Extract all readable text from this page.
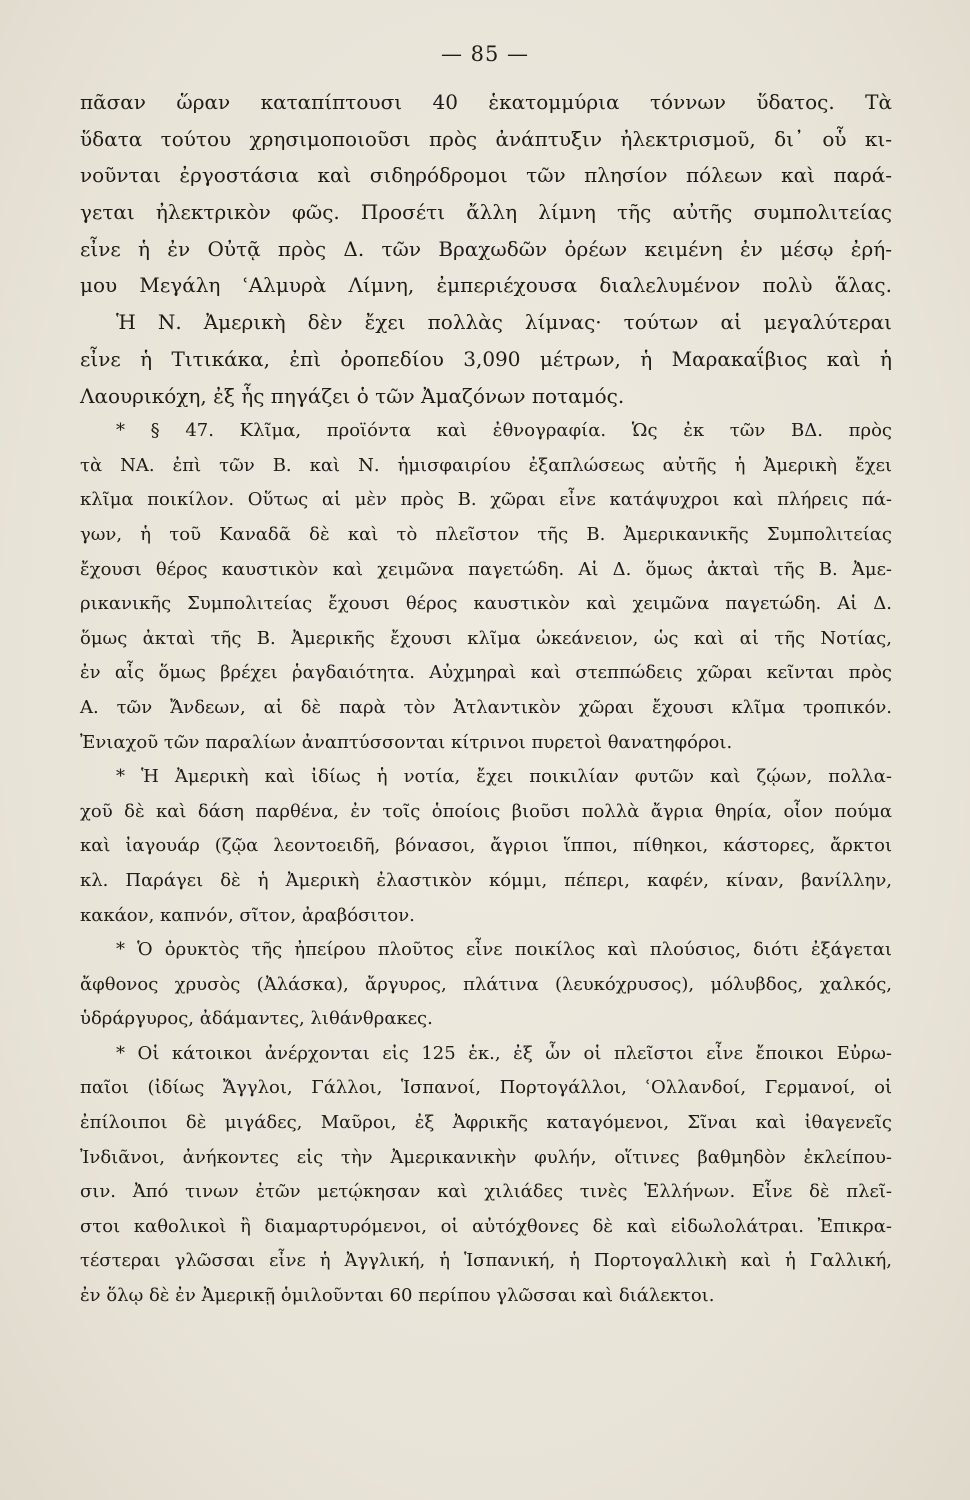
— 85 —
πᾶσαν ὥραν καταπίπτουσι 40 ἑκατομμύρια τόννων ὕδατος. Τὰ
ὕδατα τούτου χρησιμοποιοῦσι πρὸς ἀνάπτυξιν ἠλεκτρισμοῦ, δι᾿ οὗ κι-
νοῦνται ἐργοστάσια καὶ σιδηρόδρομοι τῶν πλησίον πόλεων καὶ παρά-
γεται ἠλεκτρικὸν φῶς. Προσέτι ἄλλη λίμνη τῆς αὐτῆς συμπολιτείας
εἶνε ἡ ἐν Οὐτᾷ πρὸς Δ. τῶν Βραχωδῶν ὀρέων κειμένη ἐν μέσῳ ἐρή-
μου Μεγάλη ʿΑλμυρὰ Λίμνη, ἐμπεριέχουσα διαλελυμένον πολὺ ἅλας.
Ἡ Ν. Ἀμερικὴ δὲν ἔχει πολλὰς λίμνας· τούτων αἱ μεγαλύτεραι
εἶνε ἡ Τιτικάκα, ἐπὶ ὀροπεδίου 3,090 μέτρων, ἡ Μαρακαΐβιος καὶ ἡ
Λαουρικόχη, ἐξ ἧς πηγάζει ὁ τῶν Ἀμαζόνων ποταμός.
* § 47. Κλῖμα, προϊόντα καὶ ἐθνογραφία. Ὡς ἐκ τῶν ΒΔ. πρὸς
τὰ ΝΑ. ἐπὶ τῶν Β. καὶ Ν. ἡμισφαιρίου ἐξαπλώσεως αὐτῆς ἡ Ἀμερικὴ ἔχει
κλῖμα ποικίλον. Οὕτως αἱ μὲν πρὸς Β. χῶραι εἶνε κατάψυχροι καὶ πλήρεις πά-
γων, ἡ τοῦ Καναδᾶ δὲ καὶ τὸ πλεῖστον τῆς Β. Ἀμερικανικῆς Συμπολιτείας
ἔχουσι θέρος καυστικὸν καὶ χειμῶνα παγετώδη. Αἱ Δ. ὅμως ἀκταὶ τῆς Β. Ἀμε-
ρικανικῆς Συμπολιτείας ἔχουσι θέρος καυστικὸν καὶ χειμῶνα παγετώδη. Αἱ Δ.
ὅμως ἀκταὶ τῆς Β. Ἀμερικῆς ἔχουσι κλῖμα ὠκεάνειον, ὡς καὶ αἱ τῆς Νοτίας,
ἐν αἷς ὅμως βρέχει ῥαγδαιότητα. Αὐχμηραὶ καὶ στεππώδεις χῶραι κεῖνται πρὸς
Α. τῶν Ἄνδεων, αἱ δὲ παρὰ τὸν Ἀτλαντικὸν χῶραι ἔχουσι κλῖμα τροπικόν.
Ἐνιαχοῦ τῶν παραλίων ἀναπτύσσονται κίτρινοι πυρετοὶ θανατηφόροι.
* Ἡ Ἀμερικὴ καὶ ἰδίως ἡ νοτία, ἔχει ποικιλίαν φυτῶν καὶ ζῴων, πολλα-
χοῦ δὲ καὶ δάση παρθένα, ἐν τοῖς ὁποίοις βιοῦσι πολλὰ ἄγρια θηρία, οἷον πούμα
καὶ ἰαγουάρ (ζῷα λεοντοειδῆ, βόνασοι, ἄγριοι ἵπποι, πίθηκοι, κάστορες, ἄρκτοι
κλ. Παράγει δὲ ἡ Ἀμερικὴ ἐλαστικὸν κόμμι, πέπερι, καφέν, κίναν, βανίλλην,
κακάον, καπνόν, σῖτον, ἀραβόσιτον.
* Ὁ ὀρυκτὸς τῆς ἠπείρου πλοῦτος εἶνε ποικίλος καὶ πλούσιος, διότι ἐξάγεται
ἄφθονος χρυσὸς (Ἀλάσκα), ἄργυρος, πλάτινα (λευκόχρυσος), μόλυβδος, χαλκός,
ὑδράργυρος, ἀδάμαντες, λιθάνθρακες.
* Οἱ κάτοικοι ἀνέρχονται εἰς 125 ἑκ., ἐξ ὧν οἱ πλεῖστοι εἶνε ἔποικοι Εὐρω-
παῖοι (ἰδίως Ἄγγλοι, Γάλλοι, Ἱσπανοί, Πορτογάλλοι, ʿΟλλανδοί, Γερμανοί, οἱ
ἐπίλοιποι δὲ μιγάδες, Μαῦροι, ἐξ Ἀφρικῆς καταγόμενοι, Σῖναι καὶ ἰθαγενεῖς
Ἰνδιᾶνοι, ἀνήκοντες εἰς τὴν Ἀμερικανικὴν φυλήν, οἵτινες βαθμηδὸν ἐκλείπου-
σιν. Ἀπό τινων ἐτῶν μετῴκησαν καὶ χιλιάδες τινὲς Ἑλλήνων. Εἶνε δὲ πλεῖ-
στοι καθολικοὶ ἢ διαμαρτυρόμενοι, οἱ αὐτόχθονες δὲ καὶ εἰδωλολάτραι. Ἐπικρα-
τέστεραι γλῶσσαι εἶνε ἡ Ἀγγλική, ἡ Ἱσπανική, ἡ Πορτογαλλικὴ καὶ ἡ Γαλλική,
ἐν ὅλῳ δὲ ἐν Ἀμερικῇ ὁμιλοῦνται 60 περίπου γλῶσσαι καὶ διάλεκτοι.
